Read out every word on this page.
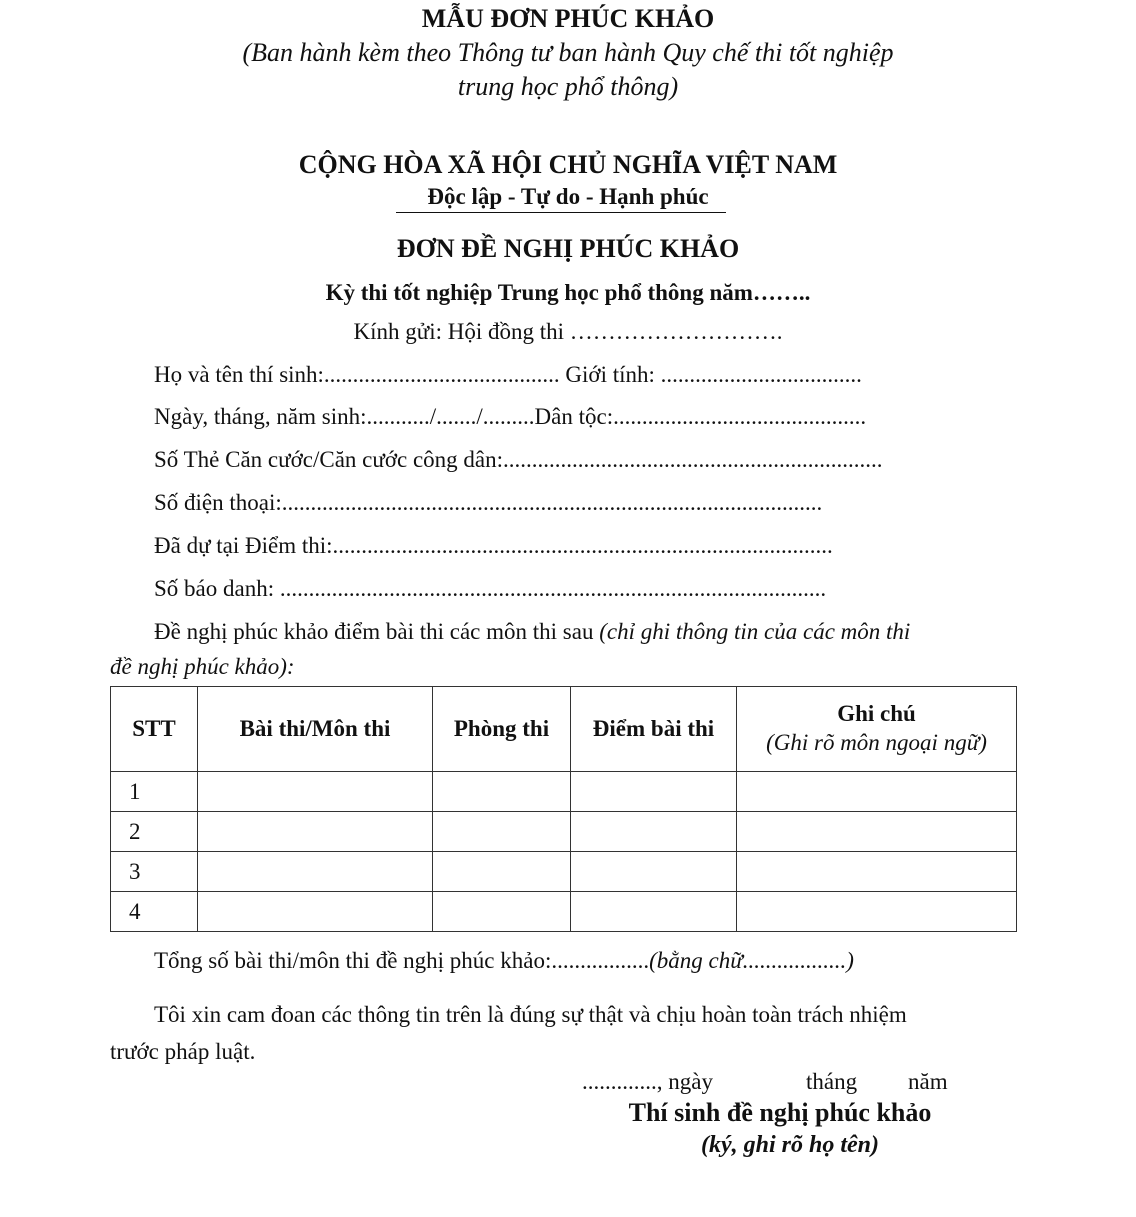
MẪU ĐƠN PHÚC KHẢO
(Ban hành kèm theo Thông tư ban hành Quy chế thi tốt nghiệp
trung học phổ thông)
CỘNG HÒA XÃ HỘI CHỦ NGHĨA VIỆT NAM
Độc lập - Tự do - Hạnh phúc
ĐƠN ĐỀ NGHỊ PHÚC KHẢO
Kỳ thi tốt nghiệp Trung học phổ thông năm……..
Kính gửi: Hội đồng thi ……………………….
Họ và tên thí sinh:......................................... Giới tính: ...................................
Ngày, tháng, năm sinh:.........../......./.........Dân tộc:............................................
Số Thẻ Căn cước/Căn cước công dân:..................................................................
Số điện thoại:..............................................................................................
Đã dự tại Điểm thi:.......................................................................................
Số báo danh: ...............................................................................................
Đề nghị phúc khảo điểm bài thi các môn thi sau (chỉ ghi thông tin của các môn thi
đề nghị phúc khảo):
STT	Bài thi/Môn thi	Phòng thi	Điểm bài thi	Ghi chú
(Ghi rõ môn ngoại ngữ)

1				
2				
3				
4				
Tổng số bài thi/môn thi đề nghị phúc khảo:.................(bằng chữ..................)
Tôi xin cam đoan các thông tin trên là đúng sự thật và chịu hoàn toàn trách nhiệm
trước pháp luật.
............., ngày	tháng năm
Thí sinh đề nghị phúc khảo
(ký, ghi rõ họ tên)
